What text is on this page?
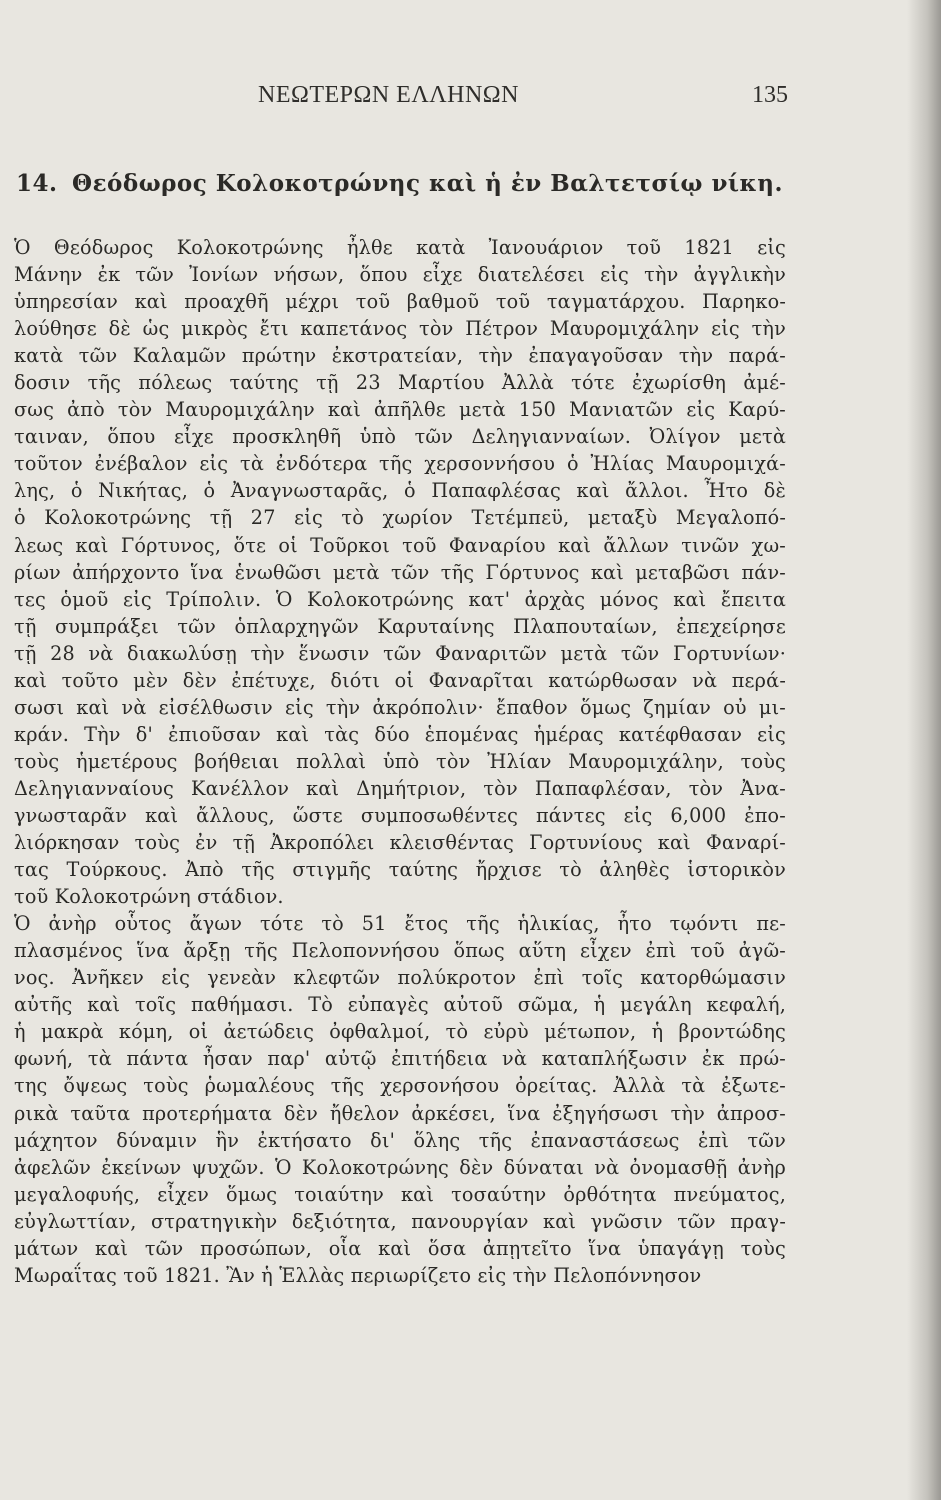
ΝΕΩΤΕΡΩΝ ΕΛΛΗΝΩΝ	135
14. Θεόδωρος Κολοκοτρώνης καὶ ἡ ἐν Βαλτετσίῳ νίκη.
Ὁ Θεόδωρος Κολοκοτρώνης ἦλθε κατὰ Ἰανουάριον τοῦ 1821 εἰς
Μάνην ἐκ τῶν Ἰονίων νήσων, ὅπου εἶχε διατελέσει εἰς τὴν ἀγγλικὴν
ὑπηρεσίαν καὶ προαχθῆ μέχρι τοῦ βαθμοῦ τοῦ ταγματάρχου. Παρηκο-
λούθησε δὲ ὡς μικρὸς ἔτι καπετάνος τὸν Πέτρον Μαυρομιχάλην εἰς τὴν
κατὰ τῶν Καλαμῶν πρώτην ἐκστρατείαν, τὴν ἐπαγαγοῦσαν τὴν παρά-
δοσιν τῆς πόλεως ταύτης τῇ 23 Μαρτίου Ἀλλὰ τότε ἐχωρίσθη ἀμέ-
σως ἀπὸ τὸν Μαυρομιχάλην καὶ ἀπῆλθε μετὰ 150 Μανιατῶν εἰς Καρύ-
ταιναν, ὅπου εἶχε προσκληθῆ ὑπὸ τῶν Δεληγιανναίων. Ὀλίγον μετὰ
τοῦτον ἐνέβαλον εἰς τὰ ἐνδότερα τῆς χερσοννήσου ὁ Ἠλίας Μαυρομιχά-
λης, ὁ Νικήτας, ὁ Ἀναγνωσταρᾶς, ὁ Παπαφλέσας καὶ ἄλλοι. Ἦτο δὲ
ὁ Κολοκοτρώνης τῇ 27 εἰς τὸ χωρίον Τετέμπεϋ, μεταξὺ Μεγαλοπό-
λεως καὶ Γόρτυνος, ὅτε οἱ Τοῦρκοι τοῦ Φαναρίου καὶ ἄλλων τινῶν χω-
ρίων ἀπήρχοντο ἵνα ἑνωθῶσι μετὰ τῶν τῆς Γόρτυνος καὶ μεταβῶσι πάν-
τες ὁμοῦ εἰς Τρίπολιν. Ὁ Κολοκοτρώνης κατ' ἀρχὰς μόνος καὶ ἔπειτα
τῇ συμπράξει τῶν ὁπλαρχηγῶν Καρυταίνης Πλαπουταίων, ἐπεχείρησε
τῇ 28 νὰ διακωλύσῃ τὴν ἕνωσιν τῶν Φαναριτῶν μετὰ τῶν Γορτυνίων·
καὶ τοῦτο μὲν δὲν ἐπέτυχε, διότι οἱ Φαναρῖται κατώρθωσαν νὰ περά-
σωσι καὶ νὰ εἰσέλθωσιν εἰς τὴν ἀκρόπολιν· ἔπαθον ὅμως ζημίαν οὐ μι-
κράν. Τὴν δ' ἐπιοῦσαν καὶ τὰς δύο ἑπομένας ἡμέρας κατέφθασαν εἰς
τοὺς ἡμετέρους βοήθειαι πολλαὶ ὑπὸ τὸν Ἠλίαν Μαυρομιχάλην, τοὺς
Δεληγιανναίους Κανέλλον καὶ Δημήτριον, τὸν Παπαφλέσαν, τὸν Ἀνα-
γνωσταρᾶν καὶ ἄλλους, ὥστε συμποσωθέντες πάντες εἰς 6,000 ἐπο-
λιόρκησαν τοὺς ἐν τῇ Ἀκροπόλει κλεισθέντας Γορτυνίους καὶ Φαναρί-
τας Τούρκους. Ἀπὸ τῆς στιγμῆς ταύτης ἤρχισε τὸ ἀληθὲς ἱστορικὸν
τοῦ Κολοκοτρώνη στάδιον.
Ὁ ἀνὴρ οὗτος ἄγων τότε τὸ 51 ἔτος τῆς ἡλικίας, ἦτο τῳόντι πε-
πλασμένος ἵνα ἄρξῃ τῆς Πελοποννήσου ὅπως αὕτη εἶχεν ἐπὶ τοῦ ἀγῶ-
νος. Ἀνῆκεν εἰς γενεὰν κλεφτῶν πολύκροτον ἐπὶ τοῖς κατορθώμασιν
αὐτῆς καὶ τοῖς παθήμασι. Τὸ εὐπαγὲς αὐτοῦ σῶμα, ἡ μεγάλη κεφαλή,
ἡ μακρὰ κόμη, οἱ ἀετώδεις ὀφθαλμοί, τὸ εὐρὺ μέτωπον, ἡ βροντώδης
φωνή, τὰ πάντα ἦσαν παρ' αὐτῷ ἐπιτήδεια νὰ καταπλήξωσιν ἐκ πρώ-
της ὄψεως τοὺς ῥωμαλέους τῆς χερσονήσου ὀρείτας. Ἀλλὰ τὰ ἐξωτε-
ρικὰ ταῦτα προτερήματα δὲν ἤθελον ἀρκέσει, ἵνα ἐξηγήσωσι τὴν ἀπροσ-
μάχητον δύναμιν ἣν ἐκτήσατο δι' ὅλης τῆς ἐπαναστάσεως ἐπὶ τῶν
ἀφελῶν ἐκείνων ψυχῶν. Ὁ Κολοκοτρώνης δὲν δύναται νὰ ὀνομασθῇ ἀνὴρ
μεγαλοφυής, εἶχεν ὅμως τοιαύτην καὶ τοσαύτην ὀρθότητα πνεύματος,
εὐγλωττίαν, στρατηγικὴν δεξιότητα, πανουργίαν καὶ γνῶσιν τῶν πραγ-
μάτων καὶ τῶν προσώπων, οἷα καὶ ὅσα ἀπῃτεῖτο ἵνα ὑπαγάγῃ τοὺς
Μωραΐτας τοῦ 1821. Ἂν ἡ Ἑλλὰς περιωρίζετο εἰς τὴν Πελοπόννησον
